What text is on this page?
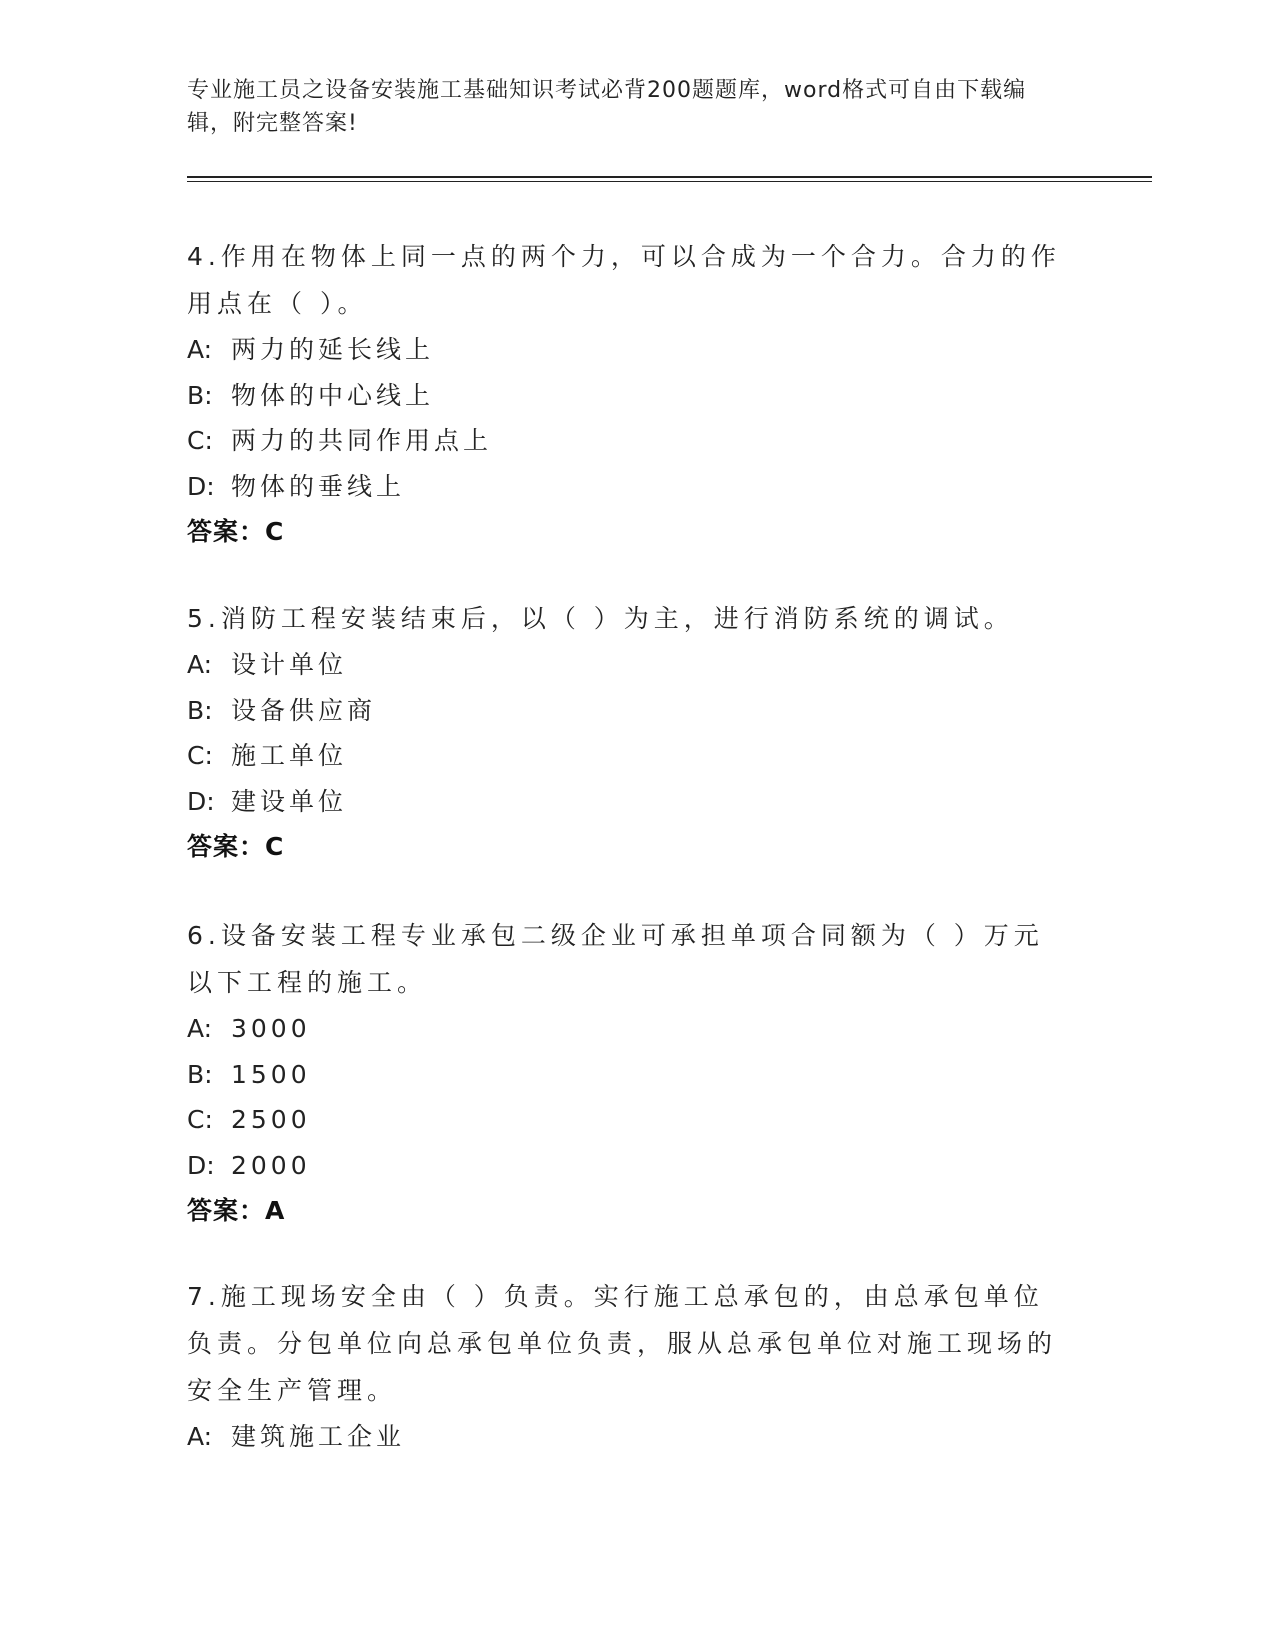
专业施工员之设备安装施工基础知识考试必背200题题库，word格式可自由下载编辑，附完整答案!

4.作用在物体上同一点的两个力，可以合成为一个合力。合力的作用点在（ ）。

A: 两力的延长线上

B: 物体的中心线上

C: 两力的共同作用点上

D: 物体的垂线上

答案：C

5.消防工程安装结束后，以（ ）为主，进行消防系统的调试。

A: 设计单位

B: 设备供应商

C: 施工单位

D: 建设单位

答案：C

6.设备安装工程专业承包二级企业可承担单项合同额为（ ）万元以下工程的施工。

A: 3000

B: 1500

C: 2500

D: 2000

答案：A

7.施工现场安全由（ ）负责。实行施工总承包的，由总承包单位负责。分包单位向总承包单位负责，服从总承包单位对施工现场的安全生产管理。

A: 建筑施工企业
